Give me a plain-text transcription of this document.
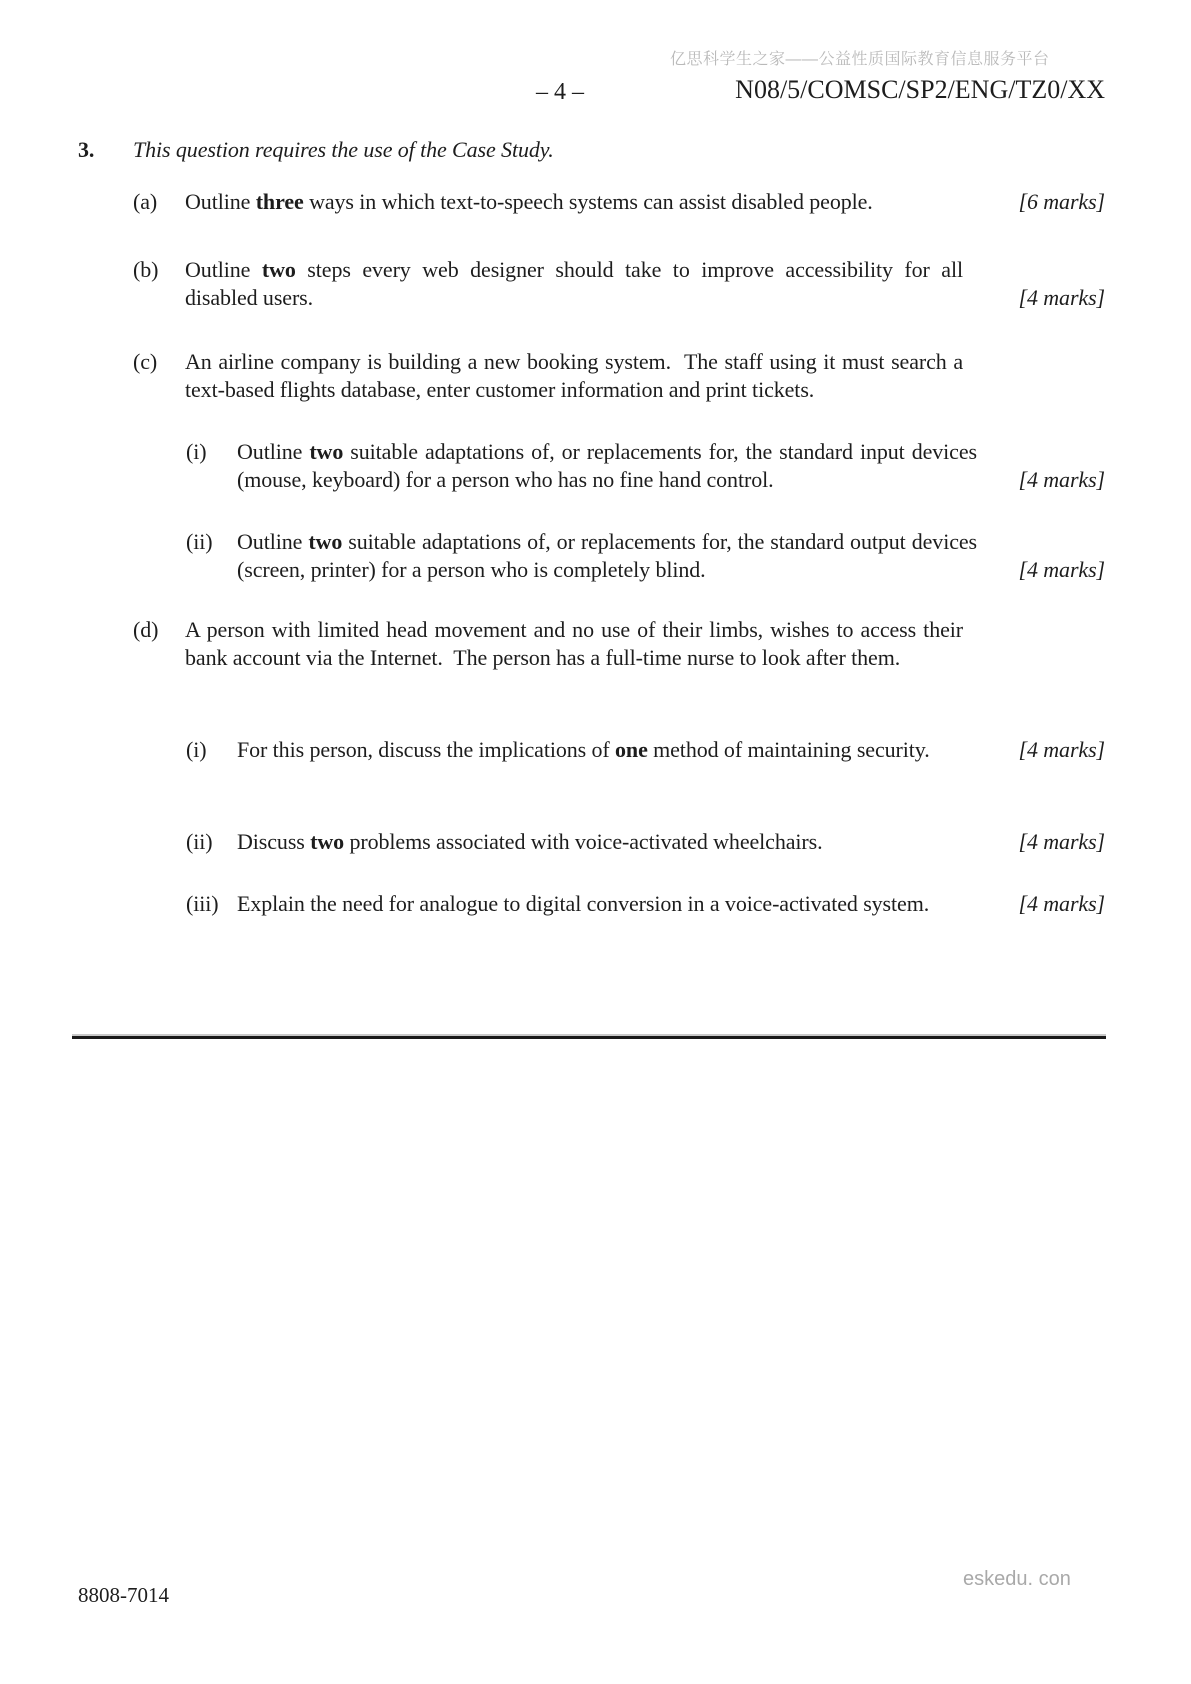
亿思科学生之家——公益性质国际教育信息服务平台
– 4 –	N08/5/COMSC/SP2/ENG/TZ0/XX
3.	This question requires the use of the Case Study.
(a)	Outline three ways in which text-to-speech systems can assist disabled people.	[6 marks]
(b)	Outline two steps every web designer should take to improve accessibility for all disabled users.	[4 marks]
(c)	An airline company is building a new booking system.  The staff using it must search a text-based flights database, enter customer information and print tickets.
(i)	Outline two suitable adaptations of, or replacements for, the standard input devices (mouse, keyboard) for a person who has no fine hand control.	[4 marks]
(ii)	Outline two suitable adaptations of, or replacements for, the standard output devices (screen, printer) for a person who is completely blind.	[4 marks]
(d)	A person with limited head movement and no use of their limbs, wishes to access their bank account via the Internet.  The person has a full-time nurse to look after them.
(i)	For this person, discuss the implications of one method of maintaining security.	[4 marks]
(ii)	Discuss two problems associated with voice-activated wheelchairs.	[4 marks]
(iii) Explain the need for analogue to digital conversion in a voice-activated system.	[4 marks]
8808-7014
eskedu. con
